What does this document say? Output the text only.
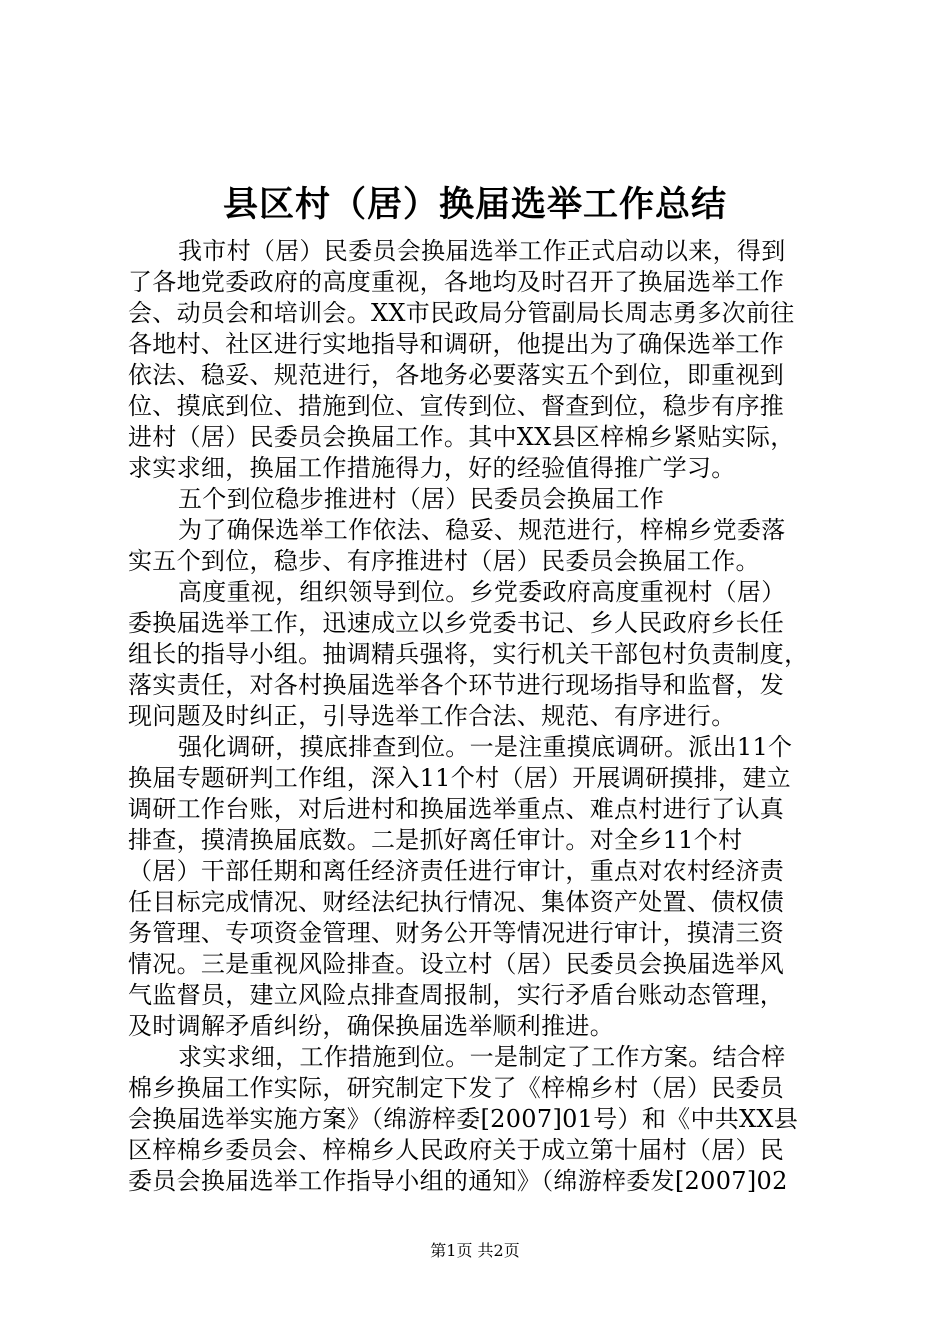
县区村（居）换届选举工作总结
我市村（居）民委员会换届选举工作正式启动以来，得到
了各地党委政府的高度重视，各地均及时召开了换届选举工作
会、动员会和培训会。XX市民政局分管副局长周志勇多次前往
各地村、社区进行实地指导和调研，他提出为了确保选举工作
依法、稳妥、规范进行，各地务必要落实五个到位，即重视到
位、摸底到位、措施到位、宣传到位、督查到位，稳步有序推
进村（居）民委员会换届工作。其中XX县区梓棉乡紧贴实际，
求实求细，换届工作措施得力，好的经验值得推广学习。
五个到位稳步推进村（居）民委员会换届工作
为了确保选举工作依法、稳妥、规范进行，梓棉乡党委落
实五个到位，稳步、有序推进村（居）民委员会换届工作。
高度重视，组织领导到位。乡党委政府高度重视村（居）
委换届选举工作，迅速成立以乡党委书记、乡人民政府乡长任
组长的指导小组。抽调精兵强将，实行机关干部包村负责制度，
落实责任，对各村换届选举各个环节进行现场指导和监督，发
现问题及时纠正，引导选举工作合法、规范、有序进行。
强化调研，摸底排查到位。一是注重摸底调研。派出11个
换届专题研判工作组，深入11个村（居）开展调研摸排，建立
调研工作台账，对后进村和换届选举重点、难点村进行了认真
排查，摸清换届底数。二是抓好离任审计。对全乡11个村
（居）干部任期和离任经济责任进行审计，重点对农村经济责
任目标完成情况、财经法纪执行情况、集体资产处置、债权债
务管理、专项资金管理、财务公开等情况进行审计，摸清三资
情况。三是重视风险排查。设立村（居）民委员会换届选举风
气监督员，建立风险点排查周报制，实行矛盾台账动态管理，
及时调解矛盾纠纷，确保换届选举顺利推进。
求实求细，工作措施到位。一是制定了工作方案。结合梓
棉乡换届工作实际，研究制定下发了《梓棉乡村（居）民委员
会换届选举实施方案》（绵游梓委[2007]01号）和《中共XX县
区梓棉乡委员会、梓棉乡人民政府关于成立第十届村（居）民
委员会换届选举工作指导小组的通知》（绵游梓委发[2007]02
第1页 共2页
